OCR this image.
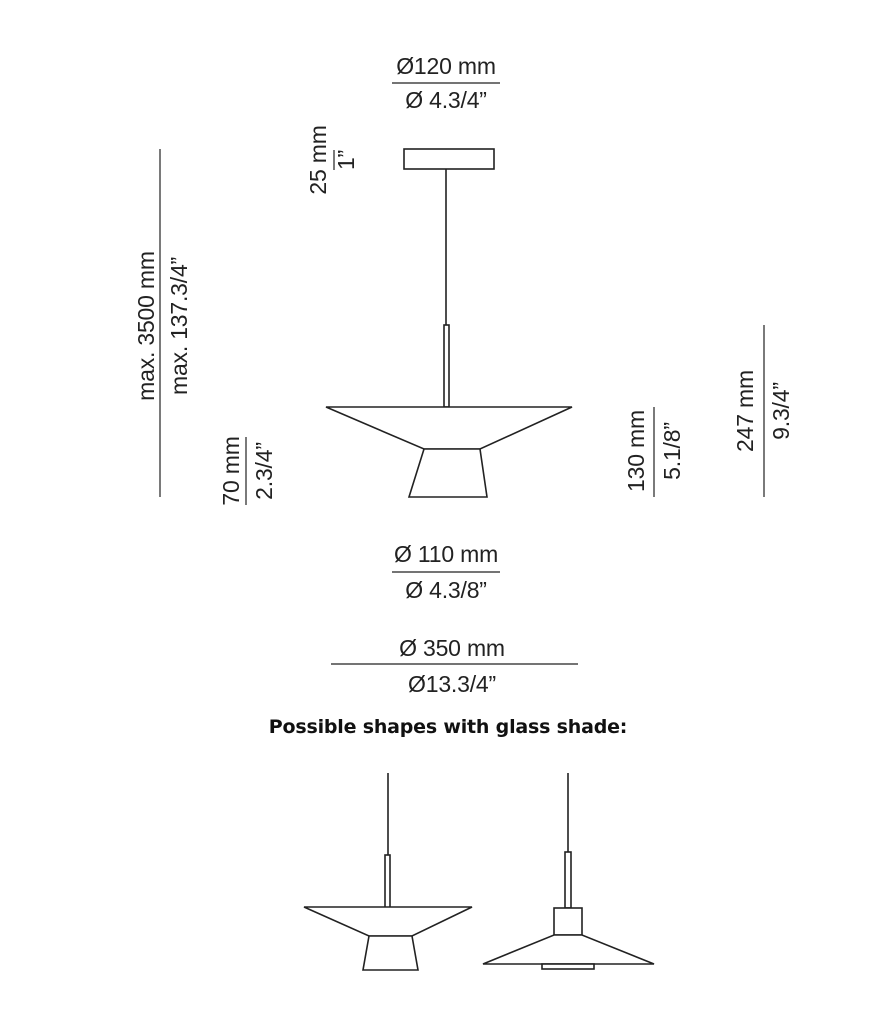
Ø120 mm
Ø 4.3/4”
25 mm 1”
max. 3500 mm max. 137.3/4”
70 mm 2.3/4”	130 mm 5.1/8” 247 mm 9.3/4”
Ø 110 mm
Ø 4.3/8”
Ø 350 mm
Ø13.3/4”
Possible shapes with glass shade:
